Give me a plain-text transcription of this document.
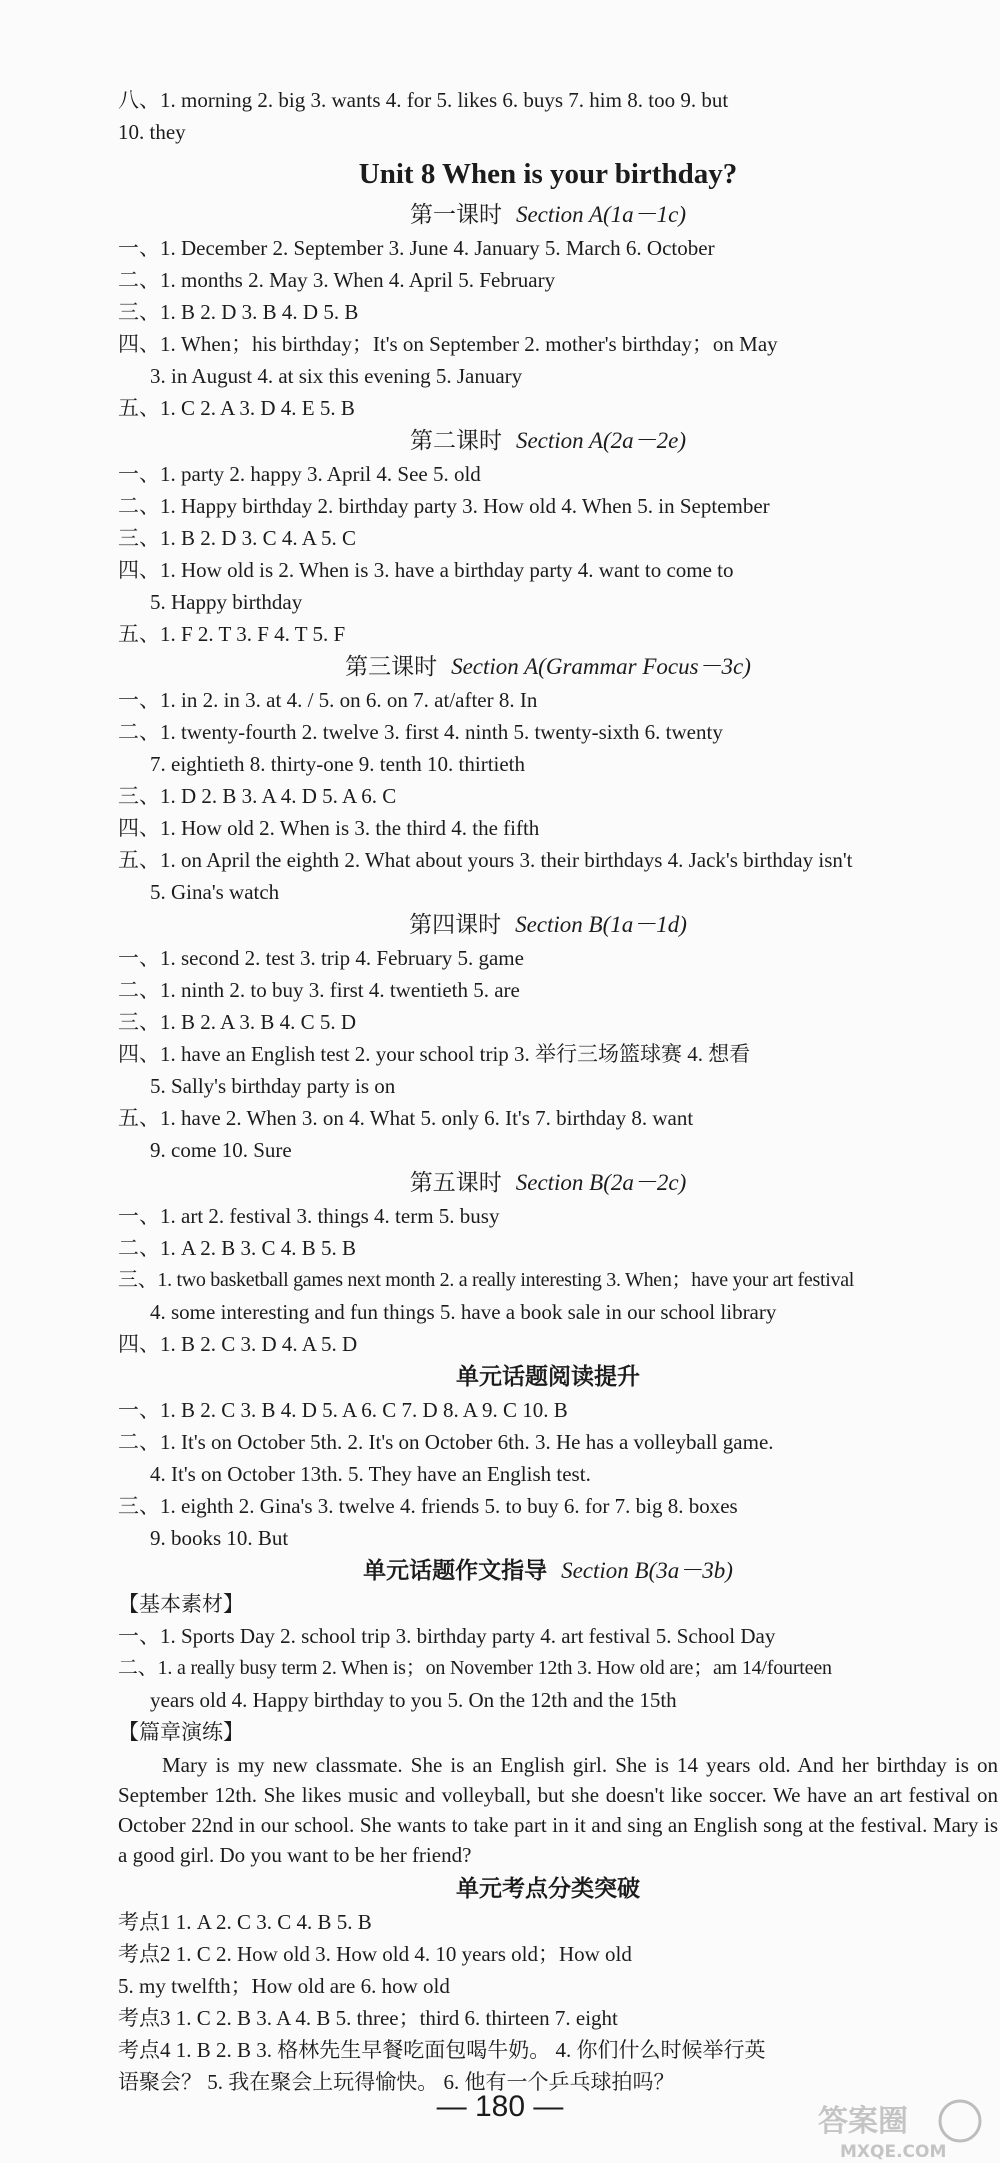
八、1. morning 2. big 3. wants 4. for 5. likes 6. buys 7. him 8. too 9. but
10. they
Unit 8 When is your birthday?
第一课时 Section A(1a－1c)
一、1. December 2. September 3. June 4. January 5. March 6. October
二、1. months 2. May 3. When 4. April 5. February
三、1. B 2. D 3. B 4. D 5. B
四、1. When；his birthday；It's on September 2. mother's birthday；on May
3. in August 4. at six this evening 5. January
五、1. C 2. A 3. D 4. E 5. B
第二课时 Section A(2a－2e)
一、1. party 2. happy 3. April 4. See 5. old
二、1. Happy birthday 2. birthday party 3. How old 4. When 5. in September
三、1. B 2. D 3. C 4. A 5. C
四、1. How old is 2. When is 3. have a birthday party 4. want to come to
5. Happy birthday
五、1. F 2. T 3. F 4. T 5. F
第三课时 Section A(Grammar Focus－3c)
一、1. in 2. in 3. at 4. / 5. on 6. on 7. at/after 8. In
二、1. twenty-fourth 2. twelve 3. first 4. ninth 5. twenty-sixth 6. twenty
7. eightieth 8. thirty-one 9. tenth 10. thirtieth
三、1. D 2. B 3. A 4. D 5. A 6. C
四、1. How old 2. When is 3. the third 4. the fifth
五、1. on April the eighth 2. What about yours 3. their birthdays 4. Jack's birthday isn't
5. Gina's watch
第四课时 Section B(1a－1d)
一、1. second 2. test 3. trip 4. February 5. game
二、1. ninth 2. to buy 3. first 4. twentieth 5. are
三、1. B 2. A 3. B 4. C 5. D
四、1. have an English test 2. your school trip 3. 举行三场篮球赛 4. 想看
5. Sally's birthday party is on
五、1. have 2. When 3. on 4. What 5. only 6. It's 7. birthday 8. want
9. come 10. Sure
第五课时 Section B(2a－2c)
一、1. art 2. festival 3. things 4. term 5. busy
二、1. A 2. B 3. C 4. B 5. B
三、1. two basketball games next month 2. a really interesting 3. When；have your art festival
4. some interesting and fun things 5. have a book sale in our school library
四、1. B 2. C 3. D 4. A 5. D
单元话题阅读提升
一、1. B 2. C 3. B 4. D 5. A 6. C 7. D 8. A 9. C 10. B
二、1. It's on October 5th. 2. It's on October 6th. 3. He has a volleyball game.
4. It's on October 13th. 5. They have an English test.
三、1. eighth 2. Gina's 3. twelve 4. friends 5. to buy 6. for 7. big 8. boxes
9. books 10. But
单元话题作文指导 Section B(3a－3b)
【基本素材】
一、1. Sports Day 2. school trip 3. birthday party 4. art festival 5. School Day
二、1. a really busy term 2. When is；on November 12th 3. How old are；am 14/fourteen
years old 4. Happy birthday to you 5. On the 12th and the 15th
【篇章演练】
Mary is my new classmate. She is an English girl. She is 14 years old. And her birthday is on September 12th. She likes music and volleyball, but she doesn't like soccer. We have an art festival on October 22nd in our school. She wants to take part in it and sing an English song at the festival. Mary is a good girl. Do you want to be her friend?
单元考点分类突破
考点1 1. A 2. C 3. C 4. B 5. B
考点2 1. C 2. How old 3. How old 4. 10 years old；How old
5. my twelfth；How old are 6. how old
考点3 1. C 2. B 3. A 4. B 5. three；third 6. thirteen 7. eight
考点4 1. B 2. B 3. 格林先生早餐吃面包喝牛奶。 4. 你们什么时候举行英
语聚会？ 5. 我在聚会上玩得愉快。 6. 他有一个乒乓球拍吗？
— 180 —	答案圈
MXQE.COM
